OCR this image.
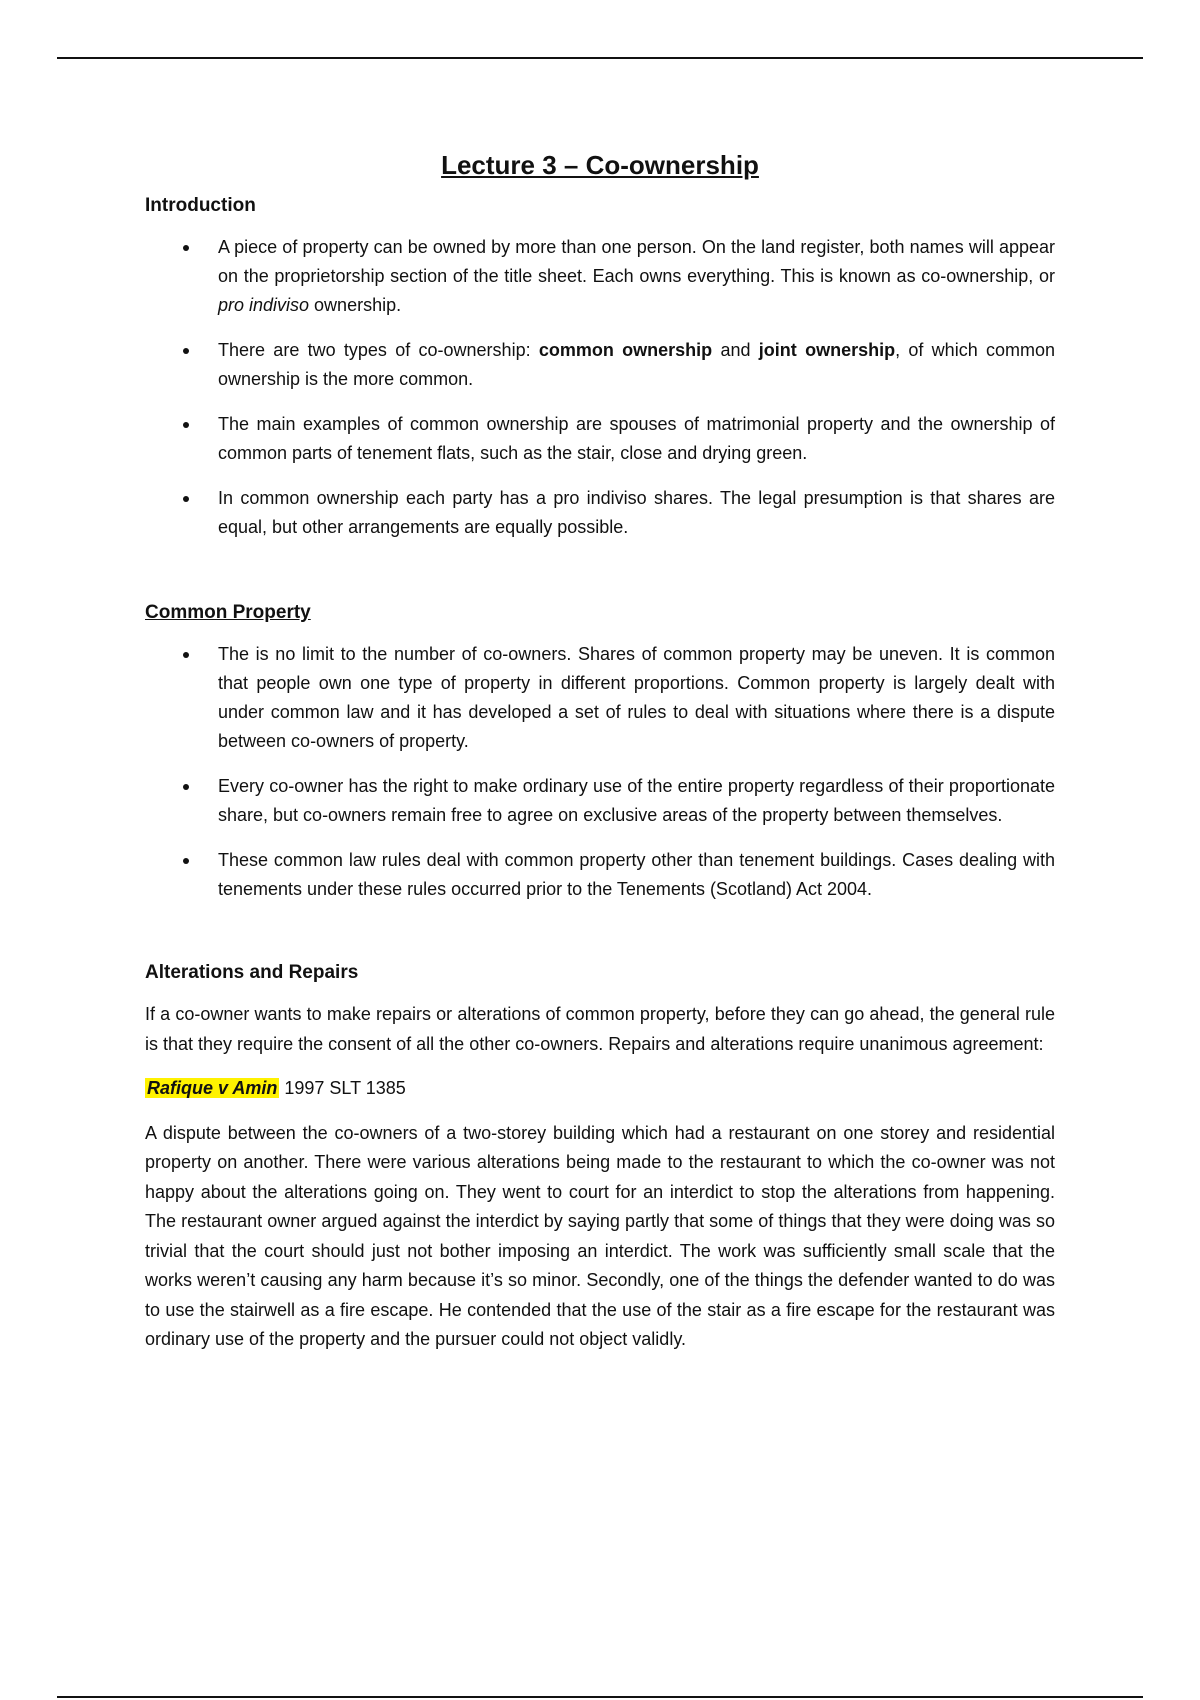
Lecture 3 – Co-ownership
Introduction
A piece of property can be owned by more than one person. On the land register, both names will appear on the proprietorship section of the title sheet. Each owns everything. This is known as co-ownership, or pro indiviso ownership.
There are two types of co-ownership: common ownership and joint ownership, of which common ownership is the more common.
The main examples of common ownership are spouses of matrimonial property and the ownership of common parts of tenement flats, such as the stair, close and drying green.
In common ownership each party has a pro indiviso shares. The legal presumption is that shares are equal, but other arrangements are equally possible.
Common Property
The is no limit to the number of co-owners. Shares of common property may be uneven. It is common that people own one type of property in different proportions. Common property is largely dealt with under common law and it has developed a set of rules to deal with situations where there is a dispute between co-owners of property.
Every co-owner has the right to make ordinary use of the entire property regardless of their proportionate share, but co-owners remain free to agree on exclusive areas of the property between themselves.
These common law rules deal with common property other than tenement buildings. Cases dealing with tenements under these rules occurred prior to the Tenements (Scotland) Act 2004.
Alterations and Repairs

If a co-owner wants to make repairs or alterations of common property, before they can go ahead, the general rule is that they require the consent of all the other co-owners. Repairs and alterations require unanimous agreement:

Rafique v Amin 1997 SLT 1385

A dispute between the co-owners of a two-storey building which had a restaurant on one storey and residential property on another. There were various alterations being made to the restaurant to which the co-owner was not happy about the alterations going on. They went to court for an interdict to stop the alterations from happening. The restaurant owner argued against the interdict by saying partly that some of things that they were doing was so trivial that the court should just not bother imposing an interdict. The work was sufficiently small scale that the works weren’t causing any harm because it’s so minor. Secondly, one of the things the defender wanted to do was to use the stairwell as a fire escape. He contended that the use of the stair as a fire escape for the restaurant was ordinary use of the property and the pursuer could not object validly.
